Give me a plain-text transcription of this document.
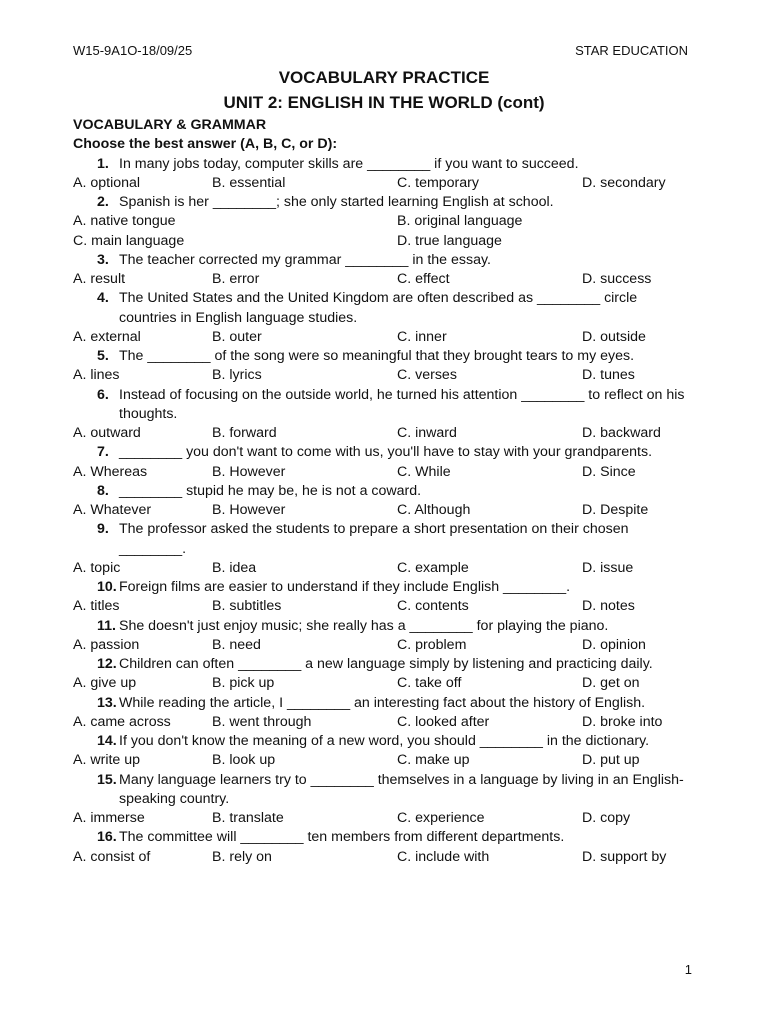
W15-9A1O-18/09/25	STAR EDUCATION
VOCABULARY PRACTICE
UNIT 2: ENGLISH IN THE WORLD (cont)
VOCABULARY & GRAMMAR
Choose the best answer (A, B, C, or D):
1. In many jobs today, computer skills are ________ if you want to succeed.
A. optional	B. essential	C. temporary	D. secondary
2. Spanish is her ________; she only started learning English at school.
A. native tongue	B. original language
C. main language	D. true language
3. The teacher corrected my grammar ________ in the essay.
A. result	B. error	C. effect	D. success
4. The United States and the United Kingdom are often described as ________ circle countries in English language studies.
A. external	B. outer	C. inner	D. outside
5. The ________ of the song were so meaningful that they brought tears to my eyes.
A. lines	B. lyrics	C. verses	D. tunes
6. Instead of focusing on the outside world, he turned his attention ________ to reflect on his thoughts.
A. outward	B. forward	C. inward	D. backward
7. ________ you don't want to come with us, you'll have to stay with your grandparents.
A. Whereas	B. However	C. While	D. Since
8. ________ stupid he may be, he is not a coward.
A. Whatever	B. However	C. Although	D. Despite
9. The professor asked the students to prepare a short presentation on their chosen ________.
A. topic	B. idea	C. example	D. issue
10. Foreign films are easier to understand if they include English ________.
A. titles	B. subtitles	C. contents	D. notes
11. She doesn't just enjoy music; she really has a ________ for playing the piano.
A. passion	B. need	C. problem	D. opinion
12. Children can often ________ a new language simply by listening and practicing daily.
A. give up	B. pick up	C. take off	D. get on
13. While reading the article, I ________ an interesting fact about the history of English.
A. came across	B. went through	C. looked after	D. broke into
14. If you don't know the meaning of a new word, you should ________ in the dictionary.
A. write up	B. look up	C. make up	D. put up
15. Many language learners try to ________ themselves in a language by living in an English-speaking country.
A. immerse	B. translate	C. experience	D. copy
16. The committee will ________ ten members from different departments.
A. consist of	B. rely on	C. include with	D. support by
1
